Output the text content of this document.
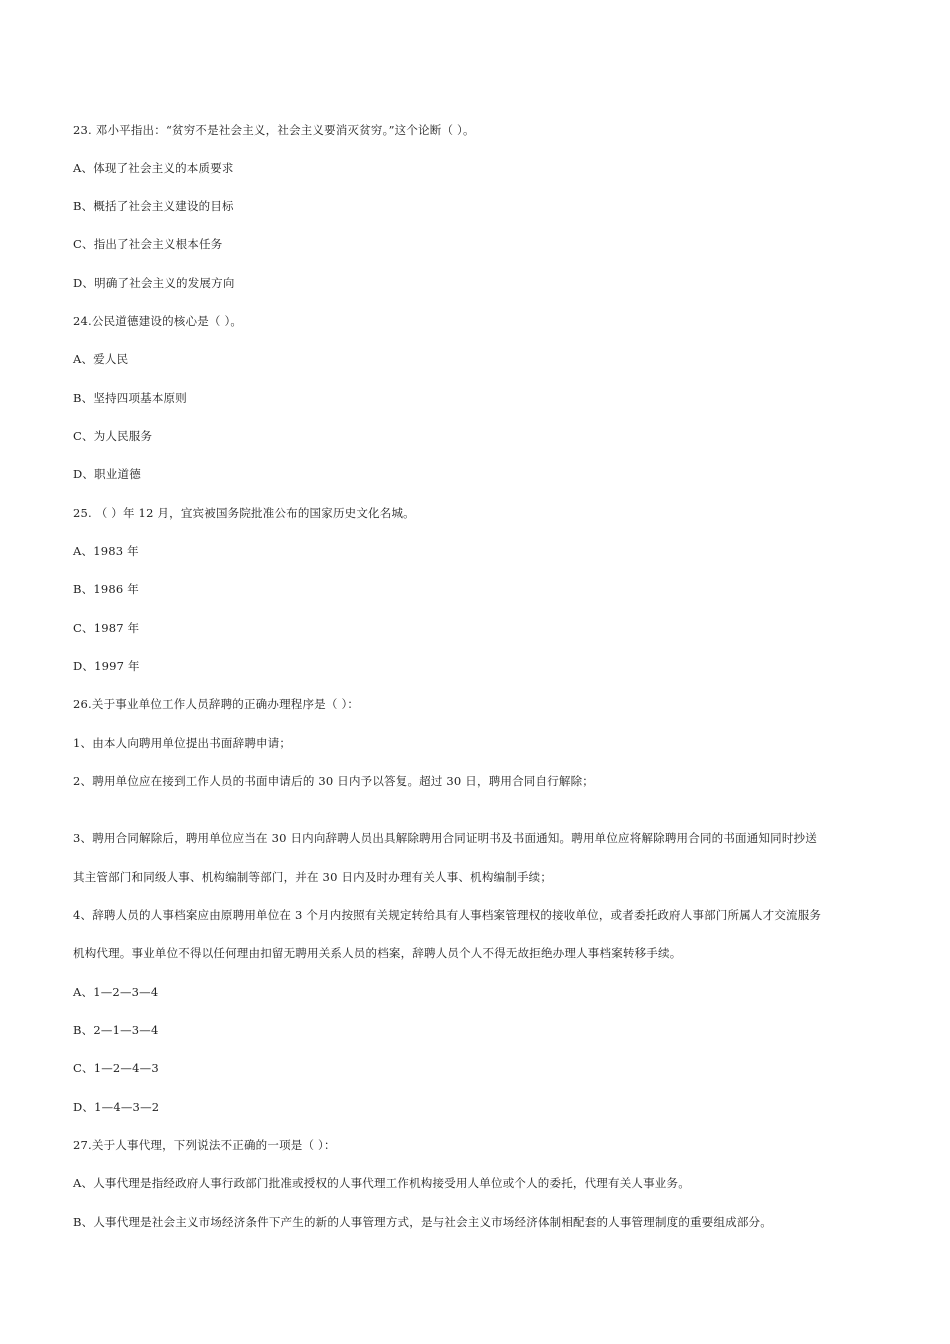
23. 邓小平指出：“贫穷不是社会主义，社会主义要消灭贫穷。”这个论断（ ）。
A、体现了社会主义的本质要求
B、概括了社会主义建设的目标
C、指出了社会主义根本任务
D、明确了社会主义的发展方向
24.公民道德建设的核心是（ ）。
A、爱人民
B、坚持四项基本原则
C、为人民服务
D、职业道德
25. （ ）年 12 月，宜宾被国务院批准公布的国家历史文化名城。
A、1983 年
B、1986 年
C、1987 年
D、1997 年
26.关于事业单位工作人员辞聘的正确办理程序是（ ）：
1、由本人向聘用单位提出书面辞聘申请；
2、聘用单位应在接到工作人员的书面申请后的 30 日内予以答复。超过 30 日，聘用合同自行解除；
3、聘用合同解除后，聘用单位应当在 30 日内向辞聘人员出具解除聘用合同证明书及书面通知。聘用单位应将解除聘用合同的书面通知同时抄送
其主管部门和同级人事、机构编制等部门，并在 30 日内及时办理有关人事、机构编制手续；
4、辞聘人员的人事档案应由原聘用单位在 3 个月内按照有关规定转给具有人事档案管理权的接收单位，或者委托政府人事部门所属人才交流服务
机构代理。事业单位不得以任何理由扣留无聘用关系人员的档案，辞聘人员个人不得无故拒绝办理人事档案转移手续。
A、1—2—3—4
B、2—1—3—4
C、1—2—4—3
D、1—4—3—2
27.关于人事代理，下列说法不正确的一项是（ ）：
A、人事代理是指经政府人事行政部门批准或授权的人事代理工作机构接受用人单位或个人的委托，代理有关人事业务。
B、人事代理是社会主义市场经济条件下产生的新的人事管理方式，是与社会主义市场经济体制相配套的人事管理制度的重要组成部分。
